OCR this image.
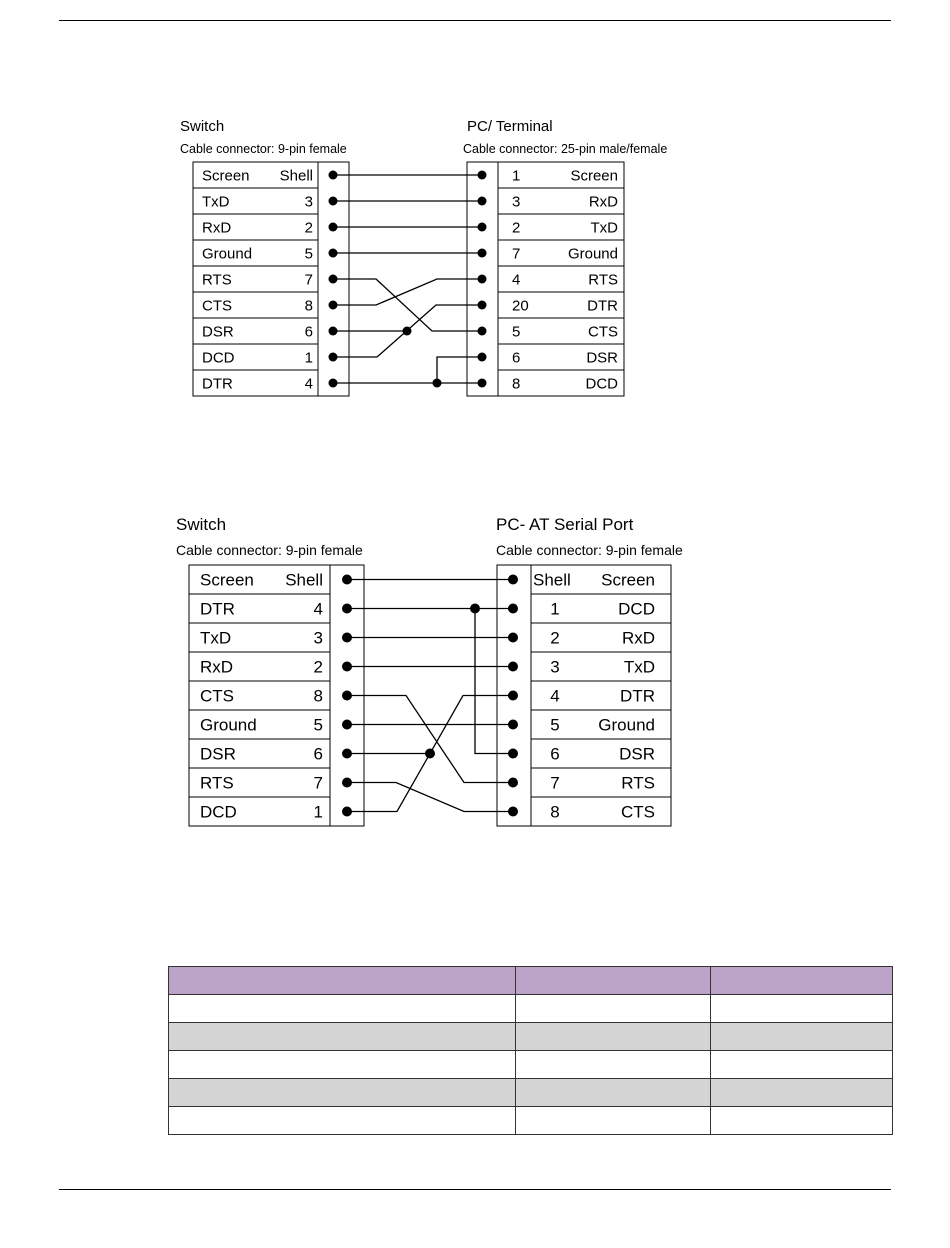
Switch
Cable connector: 9-pin female
PC/ Terminal
Cable connector: 25-pin male/female
Screen Shell	1	Screen
TxD	3	3	RxD
RxD	2	2	TxD
Ground	5	7	Ground
RTS	7	4	RTS
CTS	8	20	DTR
DSR	6	5	CTS
DCD	1	6	DSR
DTR	4	8	DCD
Switch
Cable connector: 9-pin female
PC- AT Serial Port
Cable connector: 9-pin female
Screen Shell	Shell Screen
DTR	4	1	DCD
TxD	3	2	RxD
RxD	2	3	TxD
CTS	8	4	DTR
Ground	5	5 Ground
DSR	6	6	DSR
RTS	7	7	RTS
DCD	1	8	CTS
